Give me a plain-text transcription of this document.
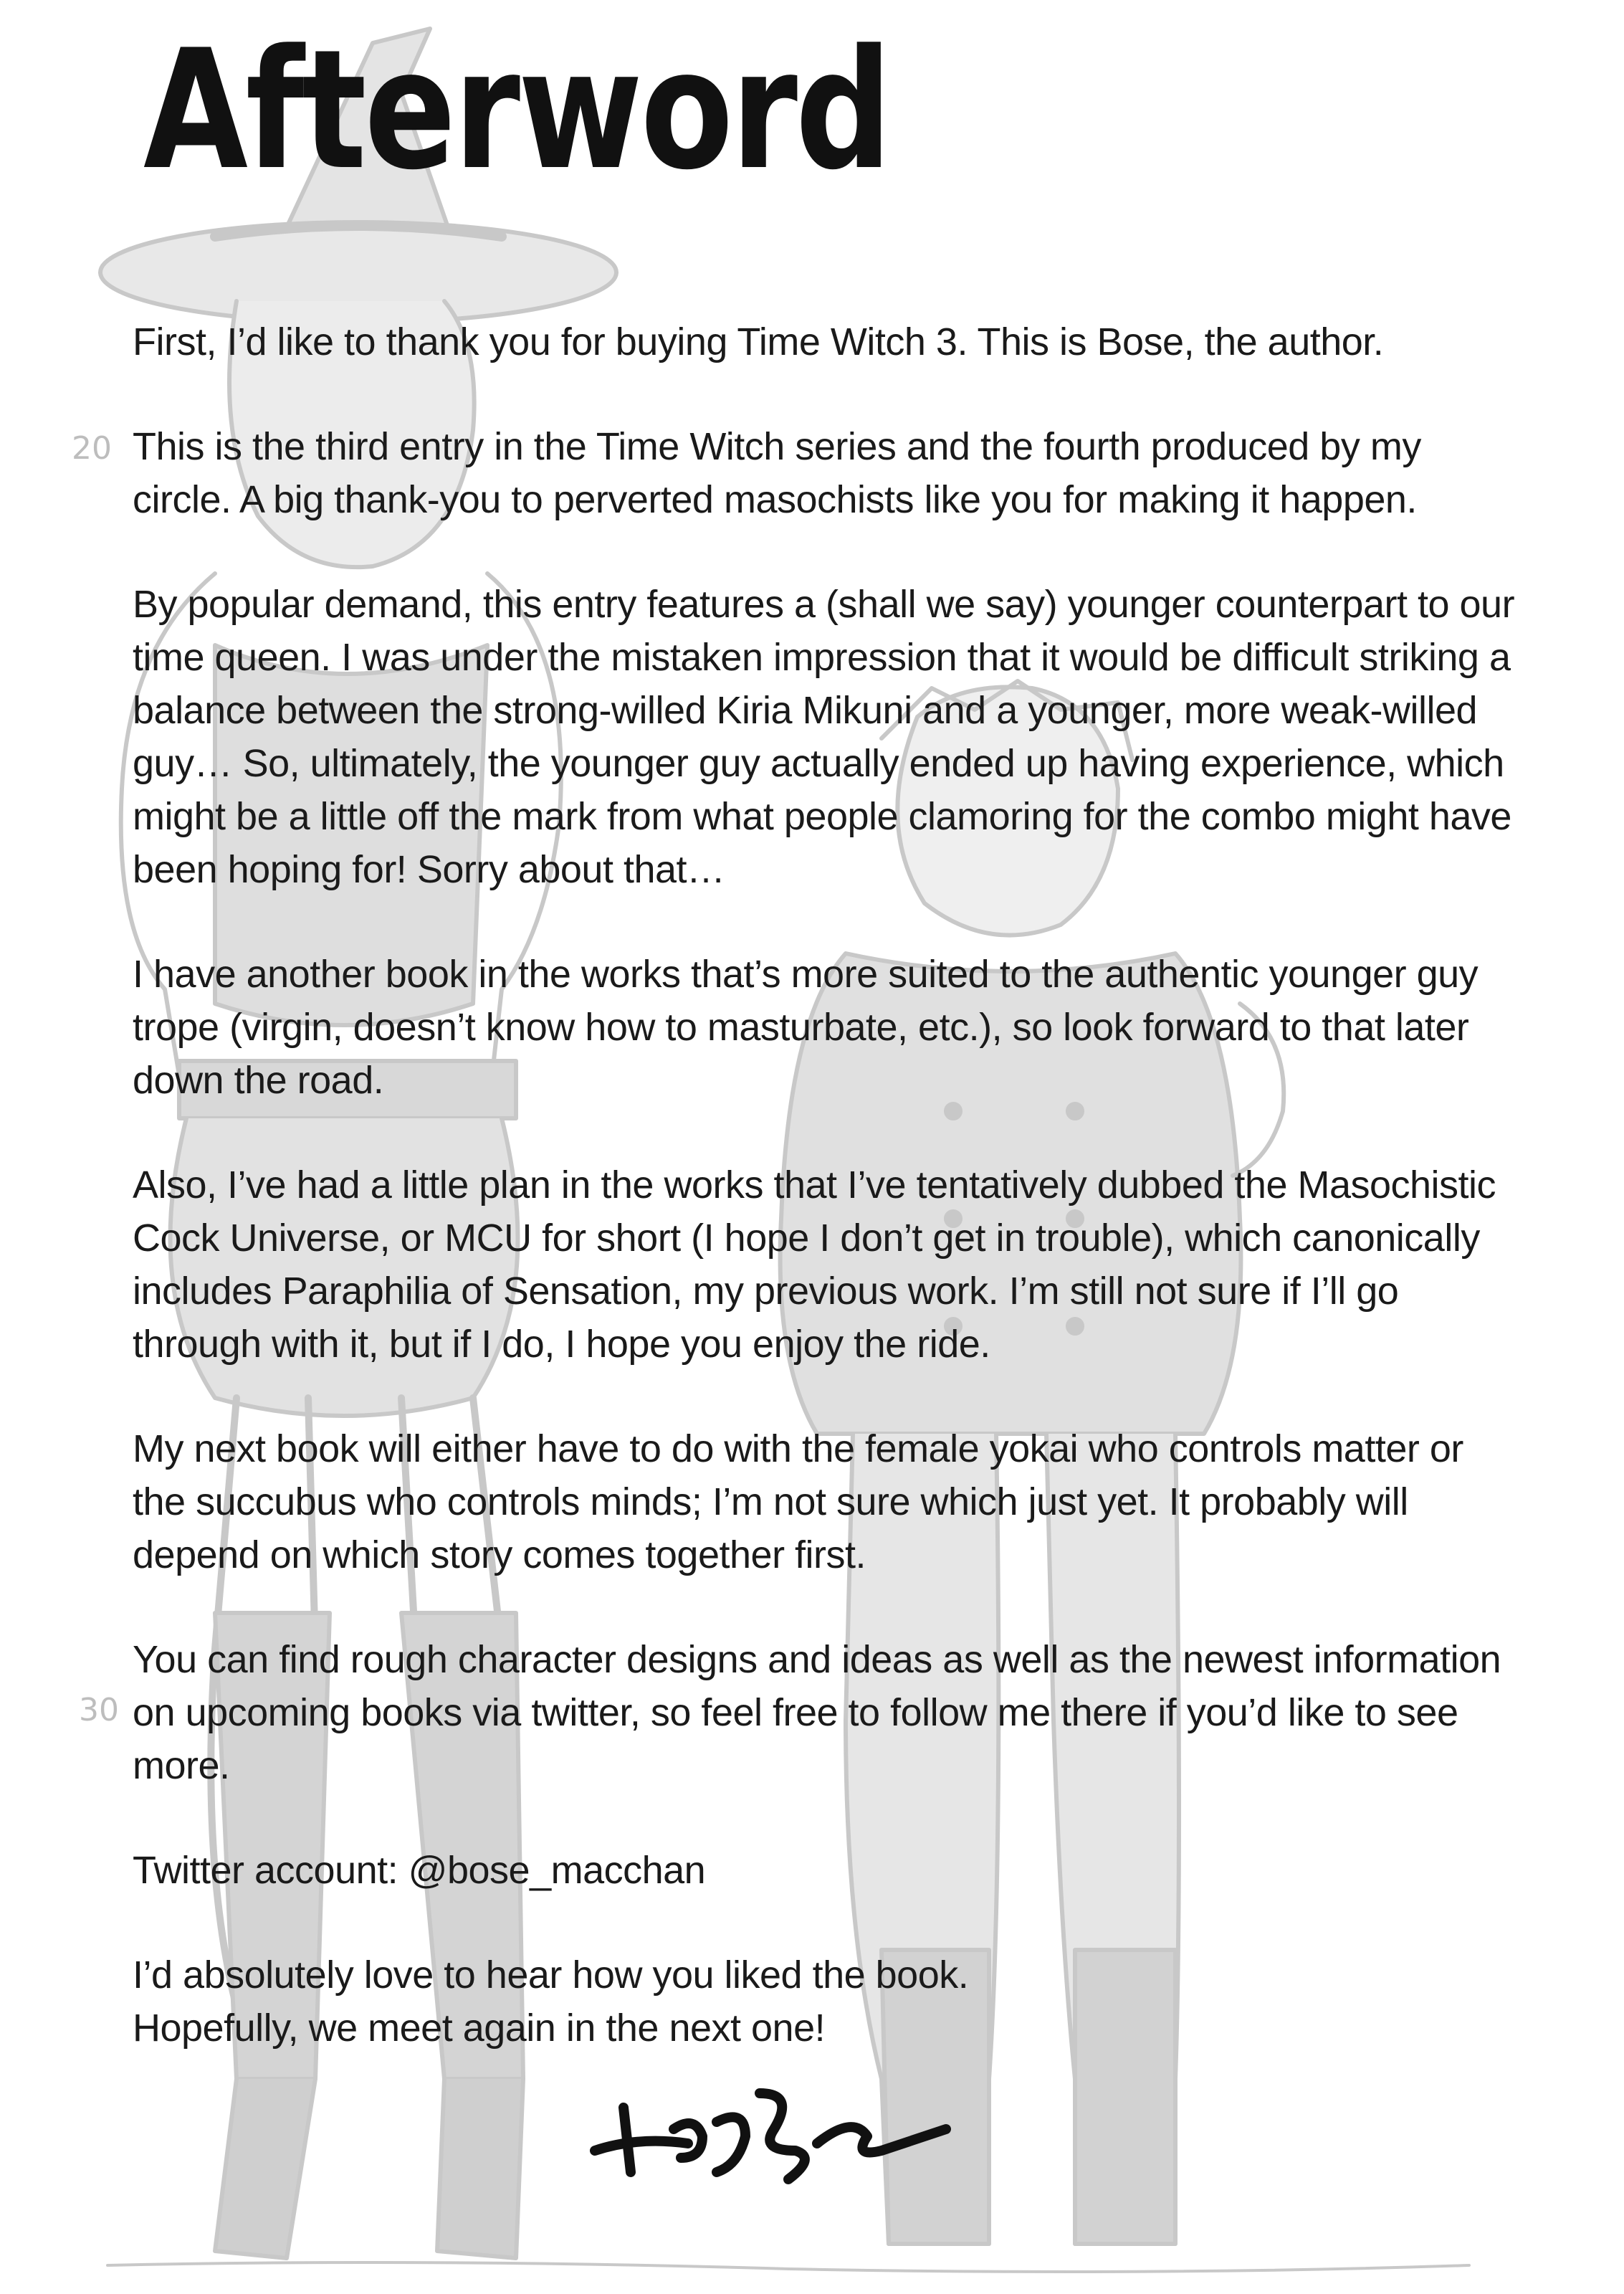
20
30
Afterword

First, I’d like to thank you for buying Time Witch 3. This is Bose, the author.

This is the third entry in the Time Witch series and the fourth produced by my circle. A big thank-you to perverted masochists like you for making it happen.

By popular demand, this entry features a (shall we say) younger counterpart to our time queen. I was under the mistaken impression that it would be difficult striking a balance between the strong-willed Kiria Mikuni and a younger, more weak-willed guy… So, ultimately, the younger guy actually ended up having experience, which might be a little off the mark from what people clamoring for the combo might have been hoping for! Sorry about that…

I have another book in the works that’s more suited to the authentic younger guy trope (virgin, doesn’t know how to masturbate, etc.), so look forward to that later down the road.

Also, I’ve had a little plan in the works that I’ve tentatively dubbed the Masochistic Cock Universe, or MCU for short (I hope I don’t get in trouble), which canonically includes Paraphilia of Sensation, my previous work. I’m still not sure if I’ll go through with it, but if I do, I hope you enjoy the ride.

My next book will either have to do with the female yokai who controls matter or the succubus who controls minds; I’m not sure which just yet. It probably will depend on which story comes together first.

You can find rough character designs and ideas as well as the newest information on upcoming books via twitter, so feel free to follow me there if you’d like to see more.

Twitter account: @bose_macchan

I’d absolutely love to hear how you liked the book.

Hopefully, we meet again in the next one!
